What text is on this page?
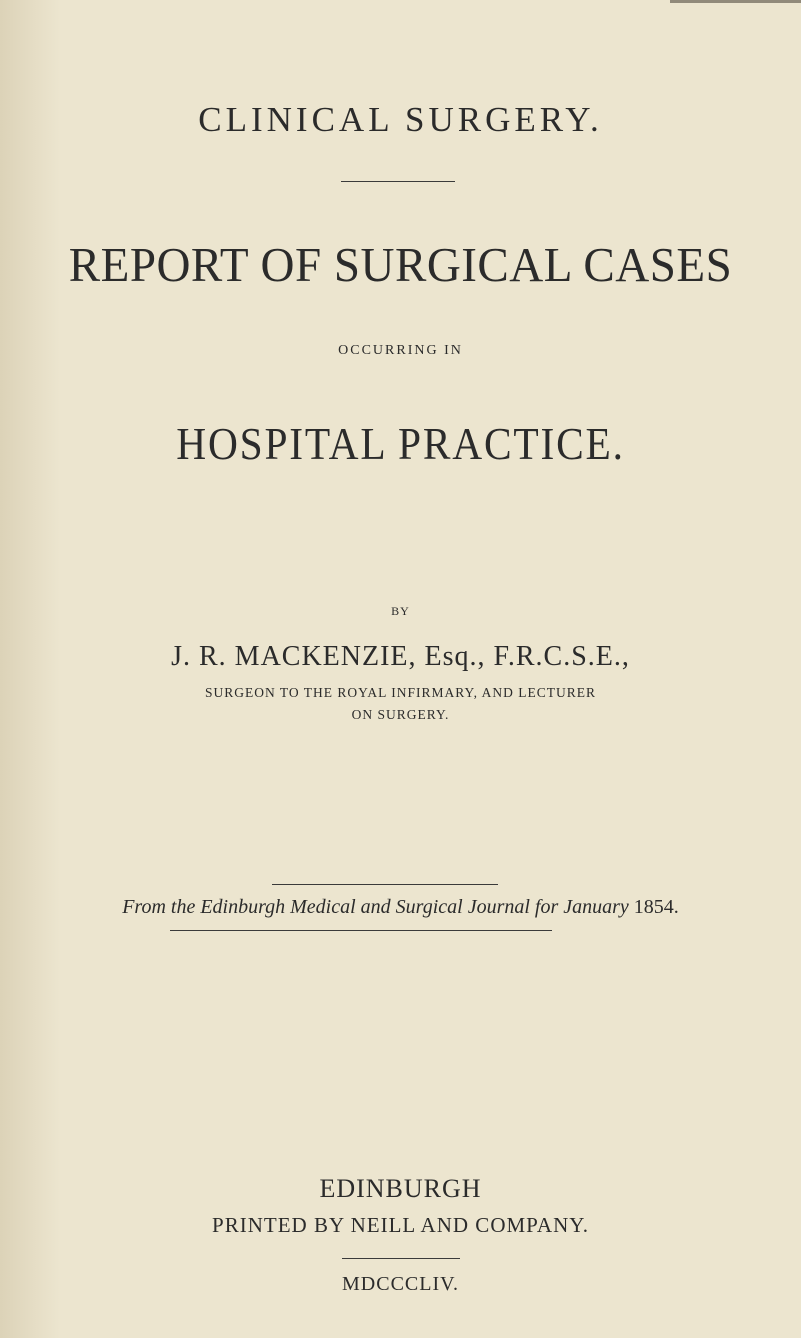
CLINICAL SURGERY.
REPORT OF SURGICAL CASES
OCCURRING IN
HOSPITAL PRACTICE.
BY
J. R. MACKENZIE, Esq., F.R.C.S.E.,
SURGEON TO THE ROYAL INFIRMARY, AND LECTURER
ON SURGERY.
From the Edinburgh Medical and Surgical Journal for January 1854.
EDINBURGH
PRINTED BY NEILL AND COMPANY.
MDCCCLIV.
